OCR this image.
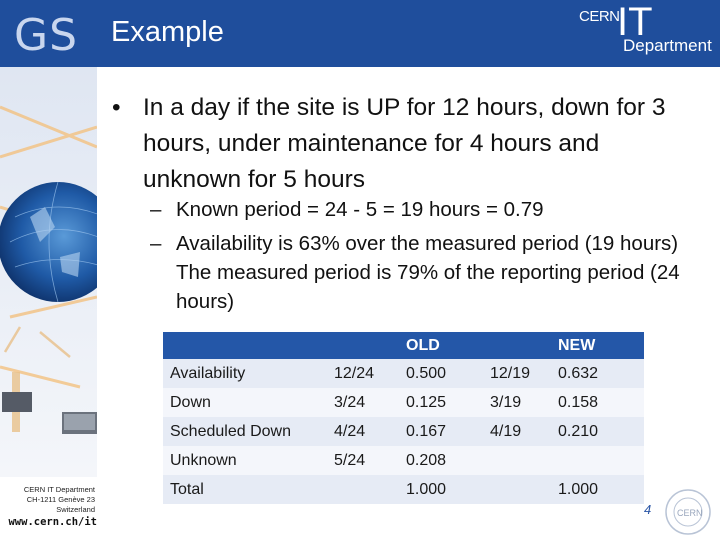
GS
CERN IT Department
CH-1211 Genève 23
Switzerland
www.cern.ch/it
Example	CERN
IT
Department
• In a day if the site is UP for 12 hours, down for 3 hours, under maintenance for 4 hours and unknown for 5 hours
– Known period = 24 - 5 = 19 hours = 0.79
– Availability is 63% over the measured period (19 hours) The measured period is 79% of the reporting period (24 hours)
		OLD		NEW
Availability	12/24	0.500	12/19	0.632
Down	3/24	0.125	3/19	0.158
Scheduled Down	4/24	0.167	4/19	0.210
Unknown	5/24	0.208		
Total		1.000		1.000
4	CERN
